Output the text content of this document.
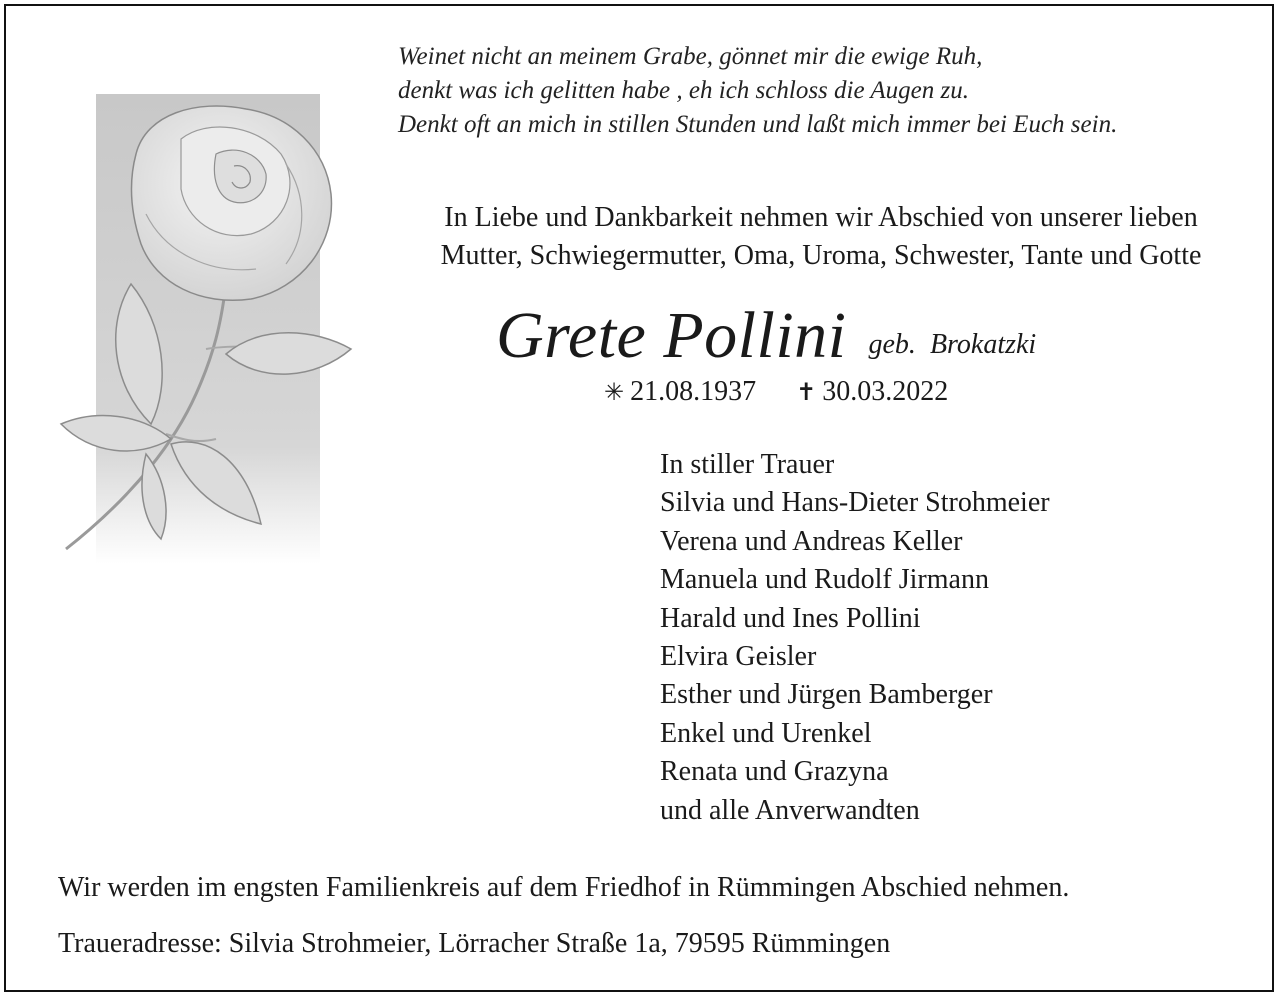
Weinet nicht an meinem Grabe, gönnet mir die ewige Ruh,
denkt was ich gelitten habe , eh ich schloss die Augen zu.
Denkt oft an mich in stillen Stunden und laßt mich immer bei Euch sein.
In Liebe und Dankbarkeit nehmen wir Abschied von unserer lieben
Mutter, Schwiegermutter, Oma, Uroma, Schwester, Tante und Gotte
Grete Pollini geb. Brokatzki
✳ 21.08.1937 ✝ 30.03.2022
In stiller Trauer
Silvia und Hans-Dieter Strohmeier
Verena und Andreas Keller
Manuela und Rudolf Jirmann
Harald und Ines Pollini
Elvira Geisler
Esther und Jürgen Bamberger
Enkel und Urenkel
Renata und Grazyna
und alle Anverwandten
Wir werden im engsten Familienkreis auf dem Friedhof in Rümmingen Abschied nehmen.
Traueradresse: Silvia Strohmeier, Lörracher Straße 1a, 79595 Rümmingen
